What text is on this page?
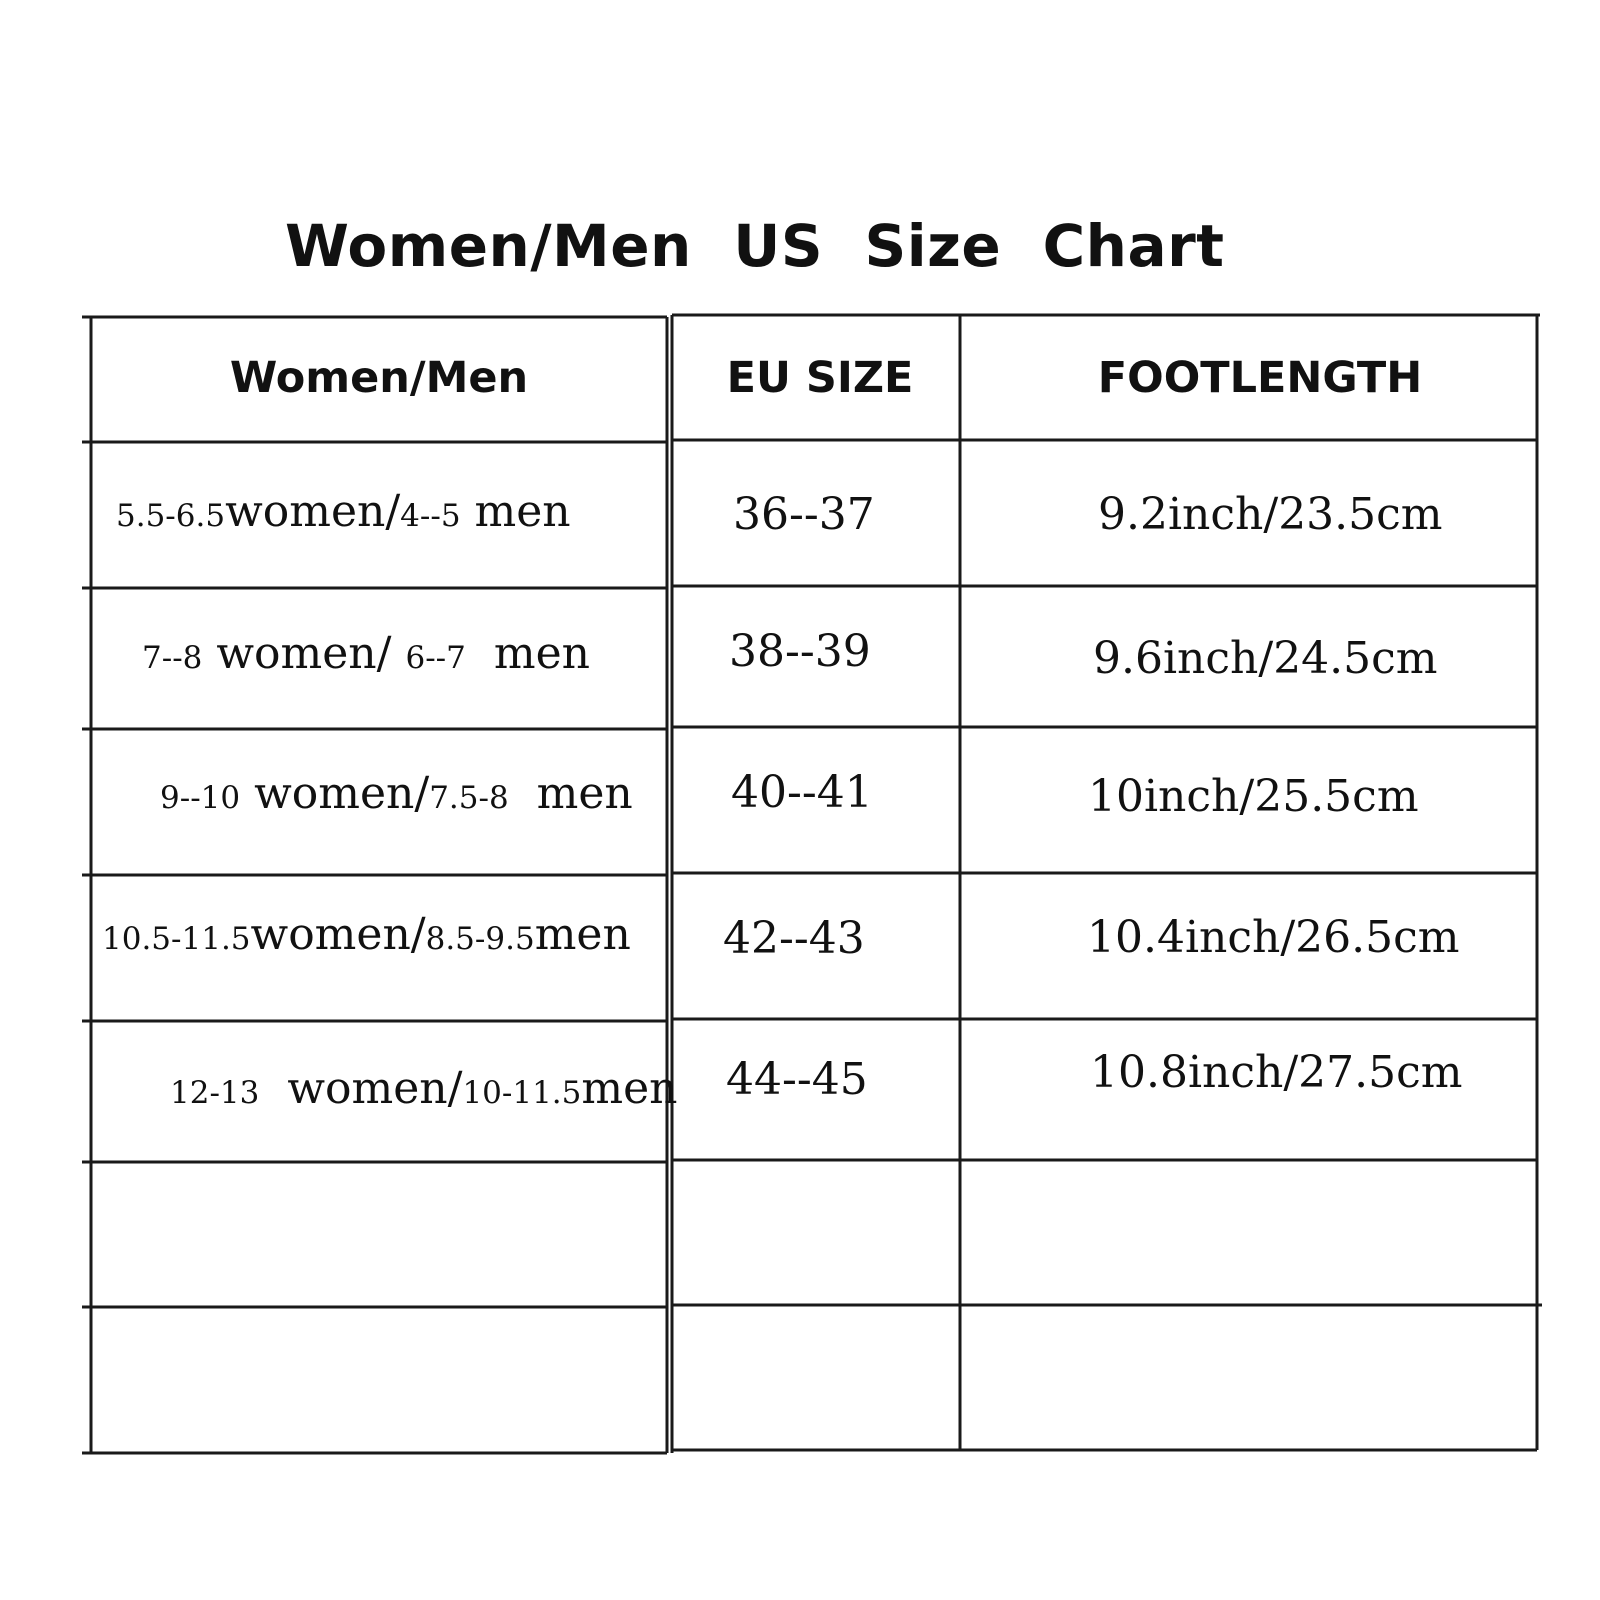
Women/Men  US  Size  Chart
Women/Men	EU SIZE	FOOTLENGTH
5.5-6.5women/4--5 men	36--37	9.2inch/23.5cm
7--8 women/ 6--7  men	38--39	9.6inch/24.5cm
9--10 women/7.5-8  men 40--41	10inch/25.5cm
10.5-11.5women/8.5-9.5men 42--43	10.4inch/26.5cm
12-13  women/10-11.5men 44--45	10.8inch/27.5cm
